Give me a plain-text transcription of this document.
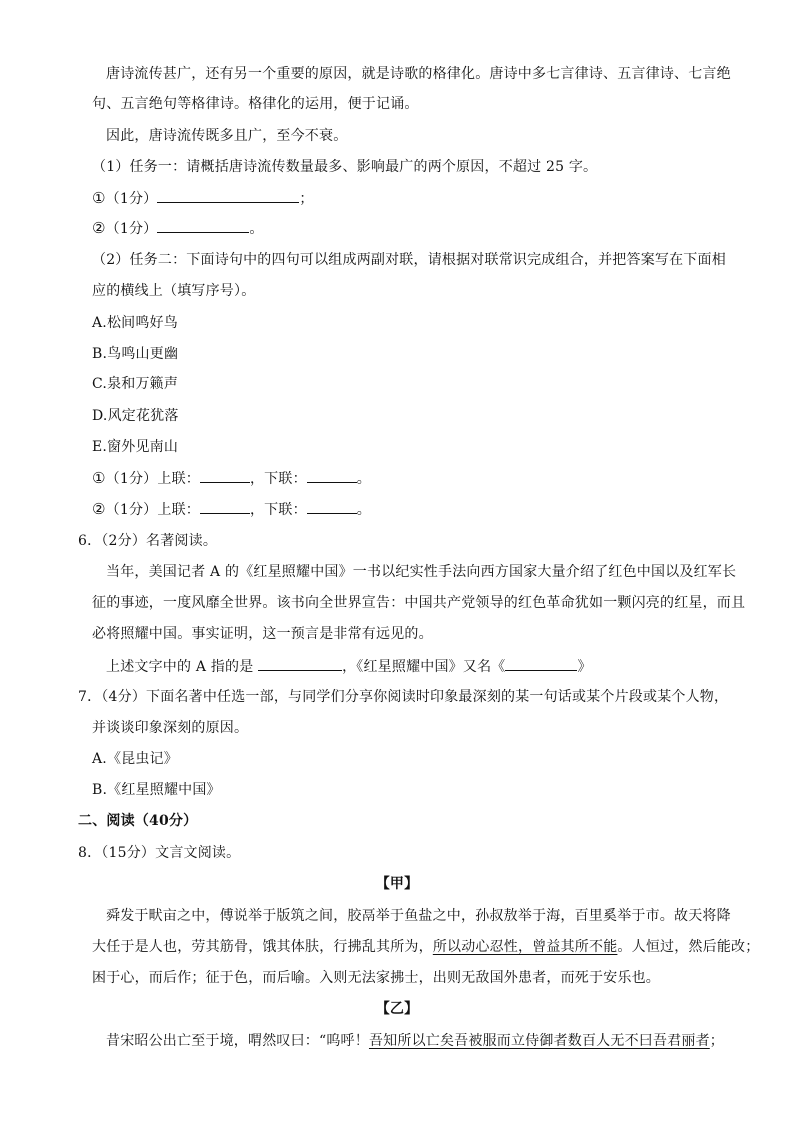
唐诗流传甚广，还有另一个重要的原因，就是诗歌的格律化。唐诗中多七言律诗、五言律诗、七言绝
句、五言绝句等格律诗。格律化的运用，便于记诵。
因此，唐诗流传既多且广，至今不衰。
（1）任务一：请概括唐诗流传数量最多、影响最广的两个原因，不超过 25 字。
①（1分）	；
②（1分）	。
（2）任务二：下面诗句中的四句可以组成两副对联，请根据对联常识完成组合，并把答案写在下面相
应的横线上（填写序号）。
A.松间鸣好鸟
B.鸟鸣山更幽
C.泉和万籁声
D.风定花犹落
E.窗外见南山
①（1分）上联：	，下联：	。
②（1分）上联：	，下联：	。
6．（2分）名著阅读。
当年，美国记者 A 的《红星照耀中国》一书以纪实性手法向西方国家大量介绍了红色中国以及红军长
征的事迹，一度风靡全世界。该书向全世界宣告：中国共产党领导的红色革命犹如一颗闪亮的红星，而且
必将照耀中国。事实证明，这一预言是非常有远见的。
上述文字中的 A 指的是	，《红星照耀中国》又名《	》
7．（4分）下面名著中任选一部，与同学们分享你阅读时印象最深刻的某一句话或某个片段或某个人物，
并谈谈印象深刻的原因。
A.《昆虫记》
B.《红星照耀中国》
二、阅读（40分）
8．（15分）文言文阅读。
【甲】
舜发于畎亩之中，傅说举于版筑之间，胶鬲举于鱼盐之中，孙叔敖举于海，百里奚举于市。故天将降
大任于是人也，劳其筋骨，饿其体肤，行拂乱其所为，所以动心忍性，曾益其所不能。人恒过，然后能改；
困于心，而后作；征于色，而后喻。入则无法家拂士，出则无敌国外患者，而死于安乐也。
【乙】
昔宋昭公出亡至于境，喟然叹曰：“呜呼！吾知所以亡矣吾被服而立侍御者数百人无不曰吾君丽者；
